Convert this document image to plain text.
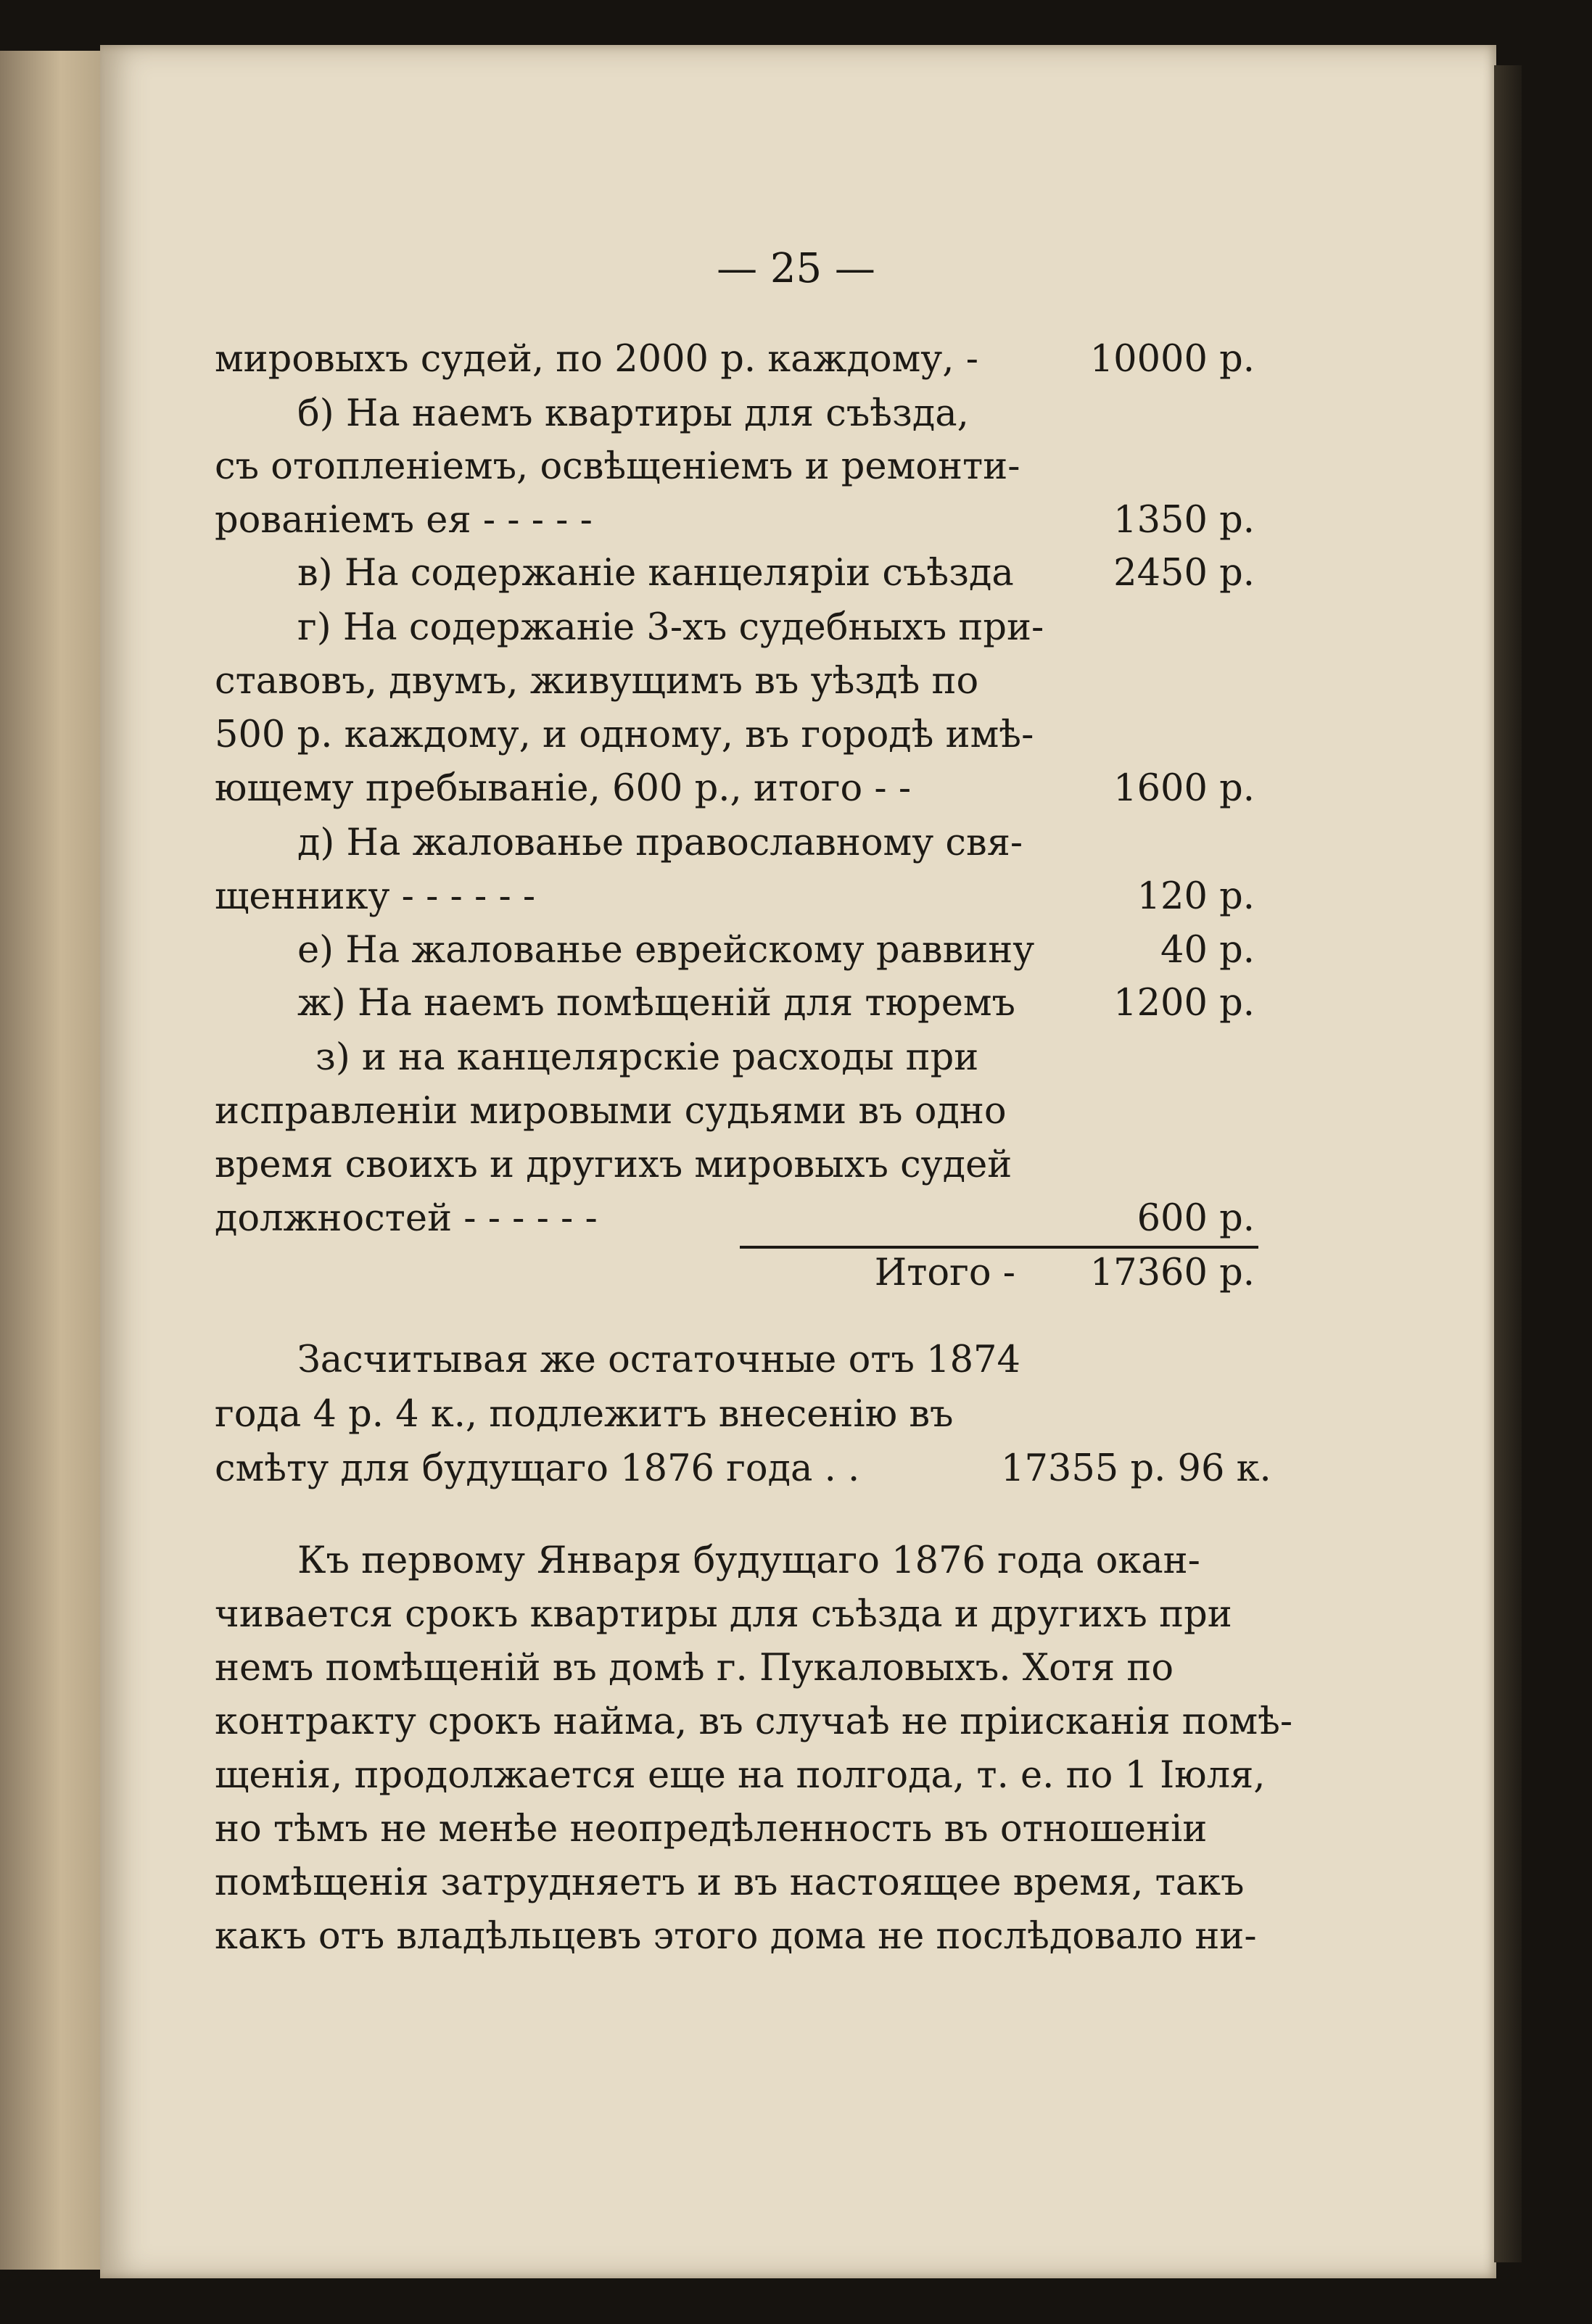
— 25 —
мировыхъ судей, по 2000 р. каждому, -	10000 р.
б) На наемъ квартиры для съѣзда,
съ отопленіемъ, освѣщеніемъ и ремонти-
рованіемъ ея - - - - -	1350 р.
в) На содержаніе канцеляріи съѣзда	2450 р.
г) На содержаніе 3-хъ судебныхъ при-
ставовъ, двумъ, живущимъ въ уѣздѣ по
500 р. каждому, и одному, въ городѣ имѣ-
ющему пребываніе, 600 р., итого - -	1600 р.
д) На жалованье православному свя-
щеннику - - - - - -	120 р.
е) На жалованье еврейскому раввину	40 р.
ж) На наемъ помѣщеній для тюремъ	1200 р.
з) и на канцелярскіе расходы при
исправленіи мировыми судьями въ одно
время своихъ и другихъ мировыхъ судей
должностей - - - - - -	600 р.
Итого -	17360 р.
Засчитывая же остаточные отъ 1874
года 4 р. 4 к., подлежитъ внесенію въ
смѣту для будущаго 1876 года . .	17355 р. 96 к.
Къ первому Января будущаго 1876 года окан-
чивается срокъ квартиры для съѣзда и другихъ при
немъ помѣщеній въ домѣ г. Пукаловыхъ. Хотя по
контракту срокъ найма, въ случаѣ не пріисканія помѣ-
щенія, продолжается еще на полгода, т. е. по 1 Іюля,
но тѣмъ не менѣе неопредѣленность въ отношеніи
помѣщенія затрудняетъ и въ настоящее время, такъ
какъ отъ владѣльцевъ этого дома не послѣдовало ни-
